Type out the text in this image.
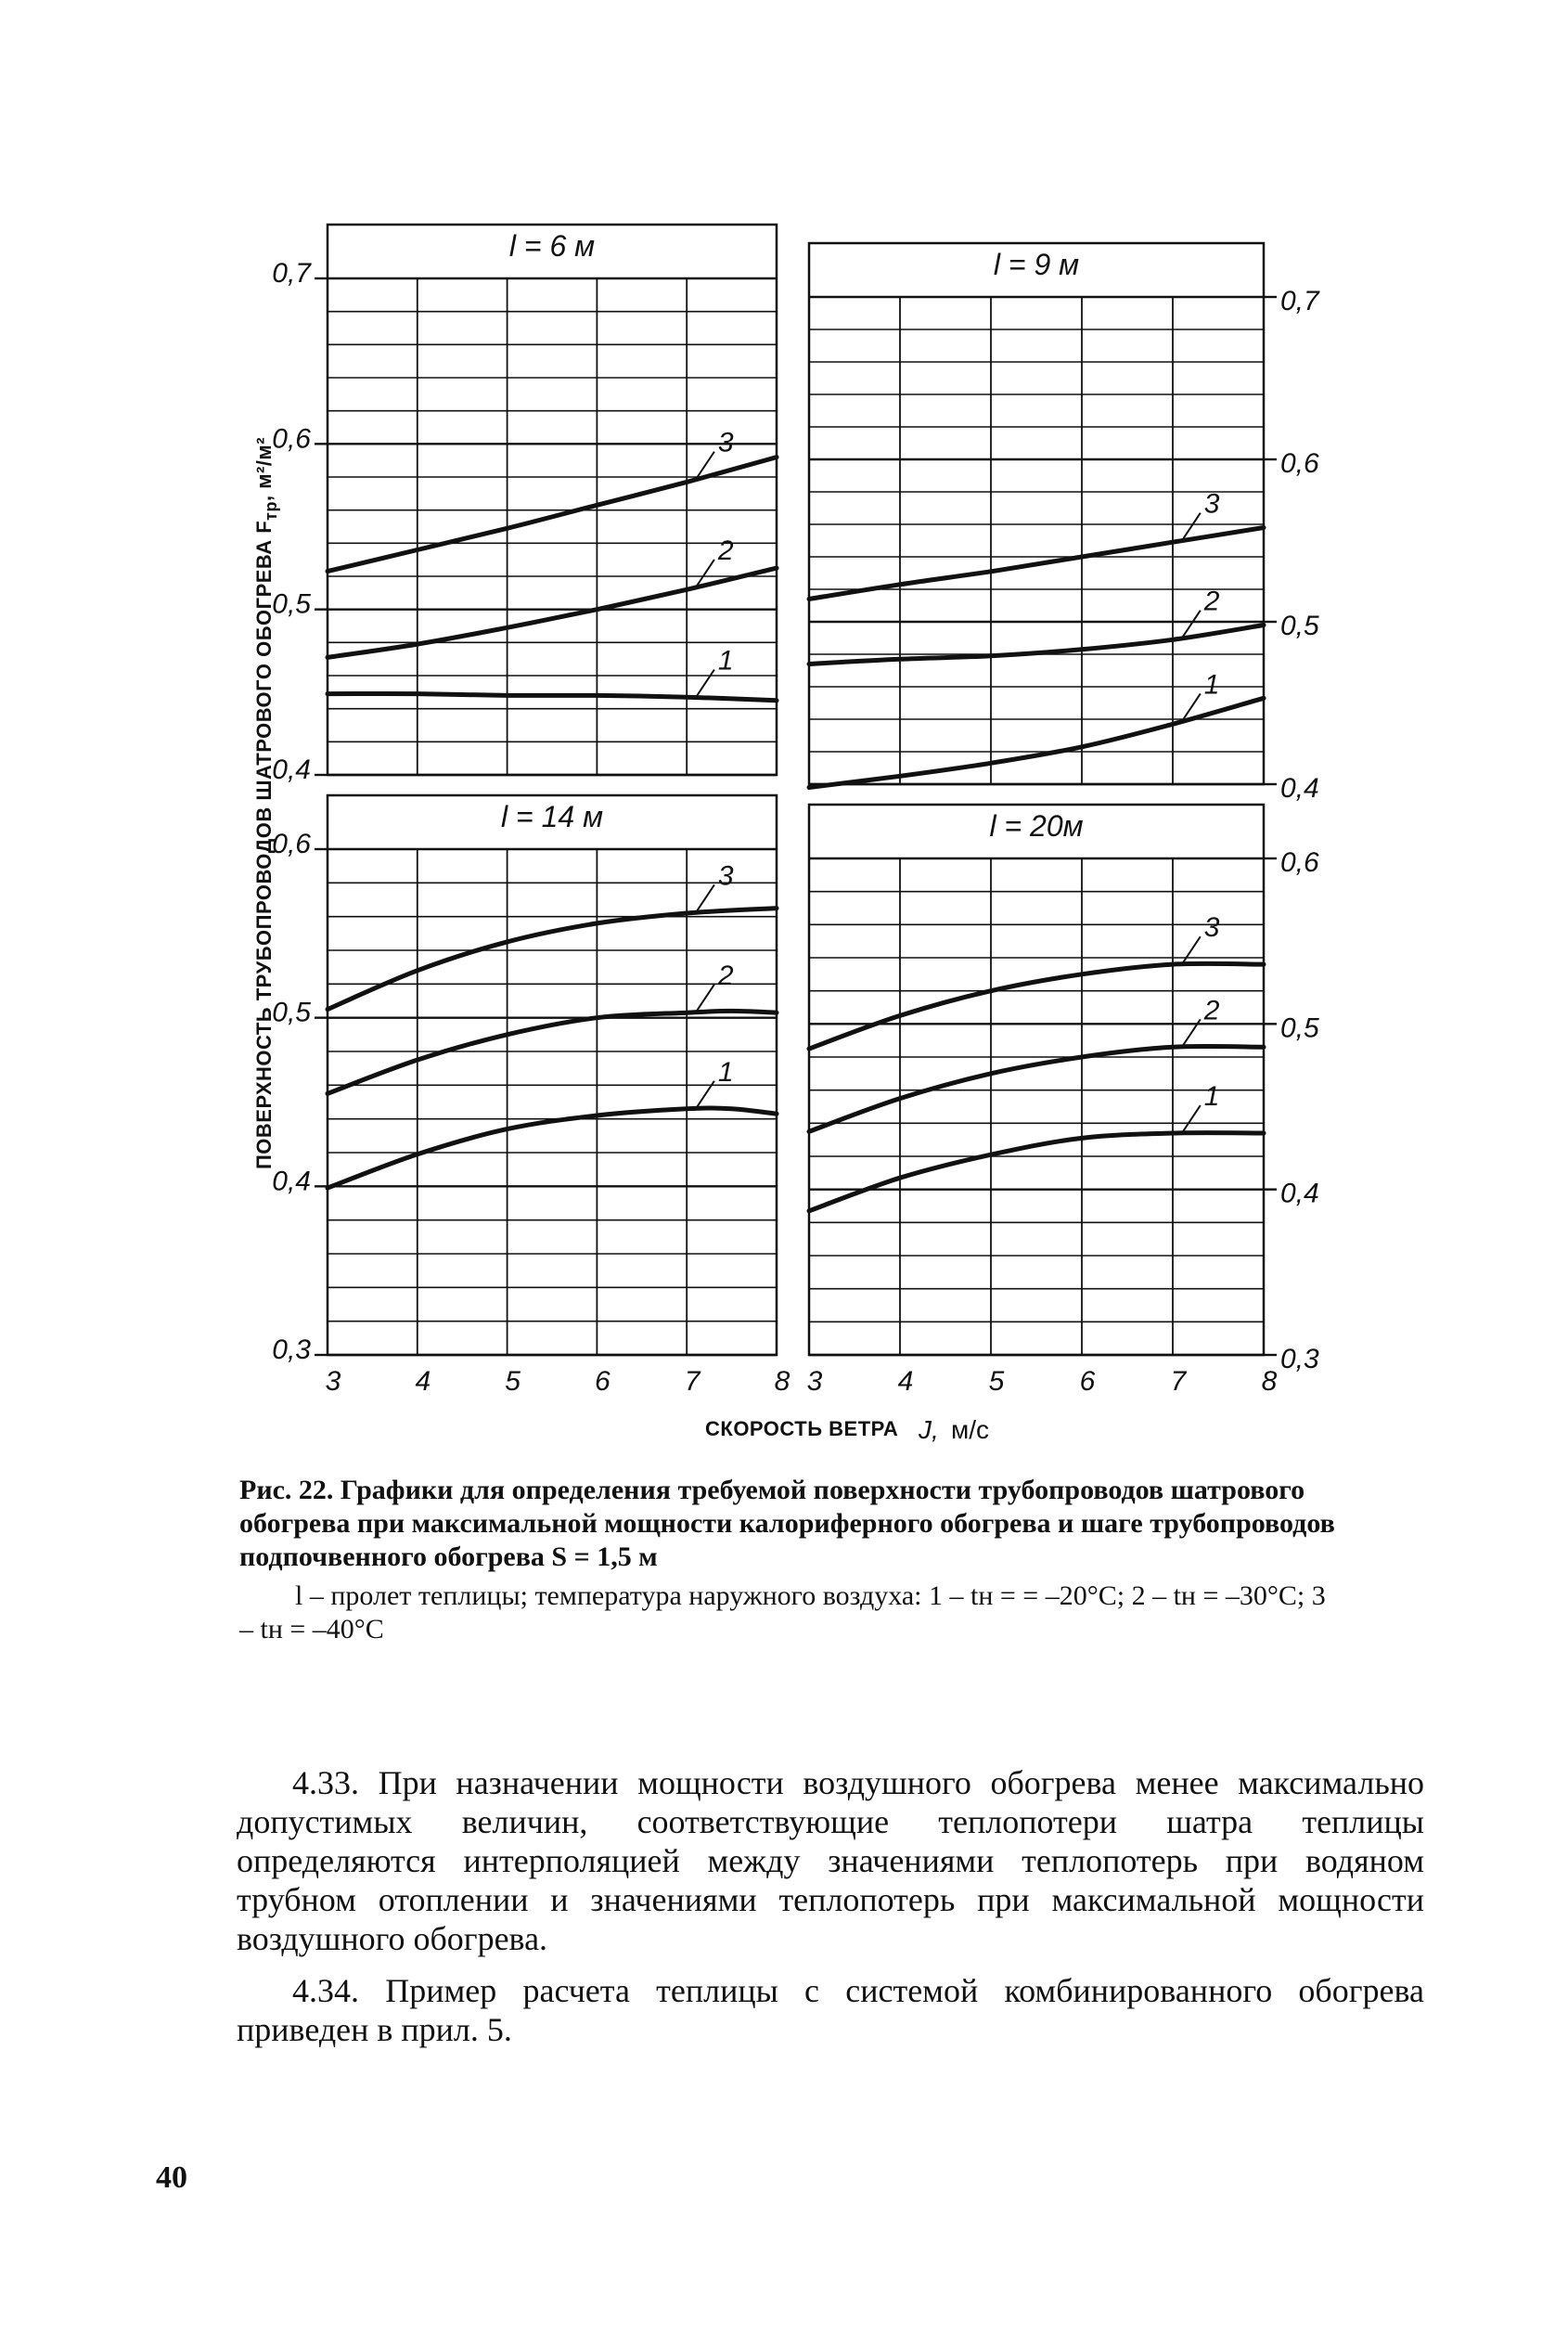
0,4
0,5
0,6
0,7
l = 6 м
1
2
3
0,4
0,5
0,6
0,7
l = 9 м
1
2
3
0,3
0,4
0,5
0,6
3	4	5	6	7	8
l = 14 м
1
2
3
0,3
0,4
0,5
0,6
3	4	5	6	7	8
l = 20м
1
2
3
ПОВЕРХНОСТЬ ТРУБОПРОВОДОВ ШАТРОВОГО ОБОГРЕВА $F_{тр}$, м²/м²
СКОРОСТЬ ВЕТРА J, м/с
Рис. 22. Графики для определения требуемой поверхности трубопроводов шатрового обогрева при максимальной мощности калориферного обогрева и шаге трубопроводов подпочвенного обогрева S = 1,5 м
l – пролет теплицы; температура наружного воздуха: 1 – tн = = –20°С; 2 – tн = –30°С; 3 – tн = –40°С

4.33. При назначении мощности воздушного обогрева менее максимально допустимых величин, соответствующие теплопотери шатра теплицы определяются интерполяцией между значениями теплопотерь при водяном трубном отоплении и значениями теплопотерь при максимальной мощности воздушного обогрева.

4.34. Пример расчета теплицы с системой комбинированного обогрева приведен в прил. 5.

40
